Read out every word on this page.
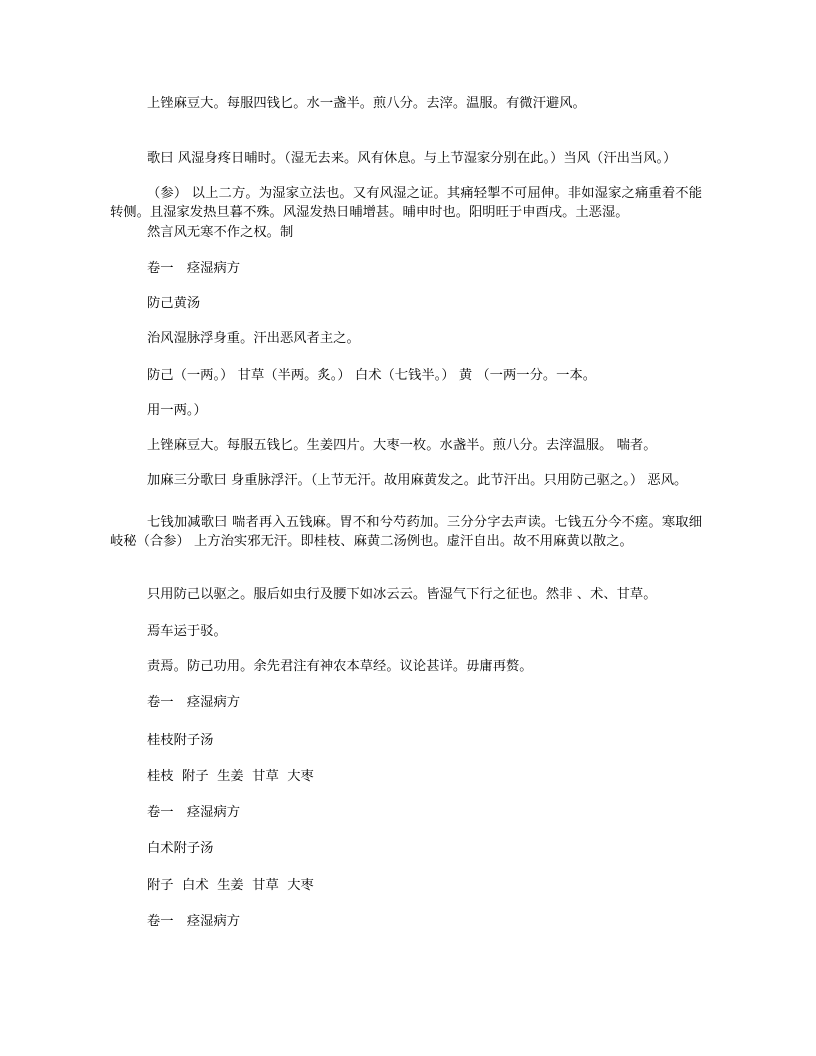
上锉麻豆大。每服四钱匕。水一盏半。煎八分。去滓。温服。有微汗避风。

歌曰 风湿身疼日晡时。（湿无去来。风有休息。与上节湿家分别在此。）当风（汗出当风。）

（参） 以上二方。为湿家立法也。又有风湿之证。其痛轻掣不可屈伸。非如湿家之痛重着不能转侧。且湿家发热旦暮不殊。风湿发热日晡增甚。晡申时也。阳明旺于申酉戌。土恶湿。

然言风无寒不作之权。制

卷一　痉湿病方

防己黄汤

治风湿脉浮身重。汗出恶风者主之。

防己（一两。） 甘草（半两。炙。） 白术（七钱半。） 黄 （一两一分。一本。

用一两。）

上锉麻豆大。每服五钱匕。生姜四片。大枣一枚。水盏半。煎八分。去滓温服。 喘者。

加麻三分歌曰 身重脉浮汗。（上节无汗。故用麻黄发之。此节汗出。只用防己驱之。） 恶风。

七钱加减歌曰 喘者再入五钱麻。胃不和兮芍药加。三分分字去声读。七钱五分今不瘥。寒取细岐秘（合参） 上方治实邪无汗。即桂枝、麻黄二汤例也。虚汗自出。故不用麻黄以散之。

只用防己以驱之。服后如虫行及腰下如冰云云。皆湿气下行之征也。然非 、术、甘草。

焉车运于驳。

责焉。防己功用。余先君注有神农本草经。议论甚详。毋庸再赘。

卷一　痉湿病方

桂枝附子汤

桂枝  附子  生姜  甘草  大枣

卷一　痉湿病方

白术附子汤

附子  白术  生姜  甘草  大枣

卷一　痉湿病方
